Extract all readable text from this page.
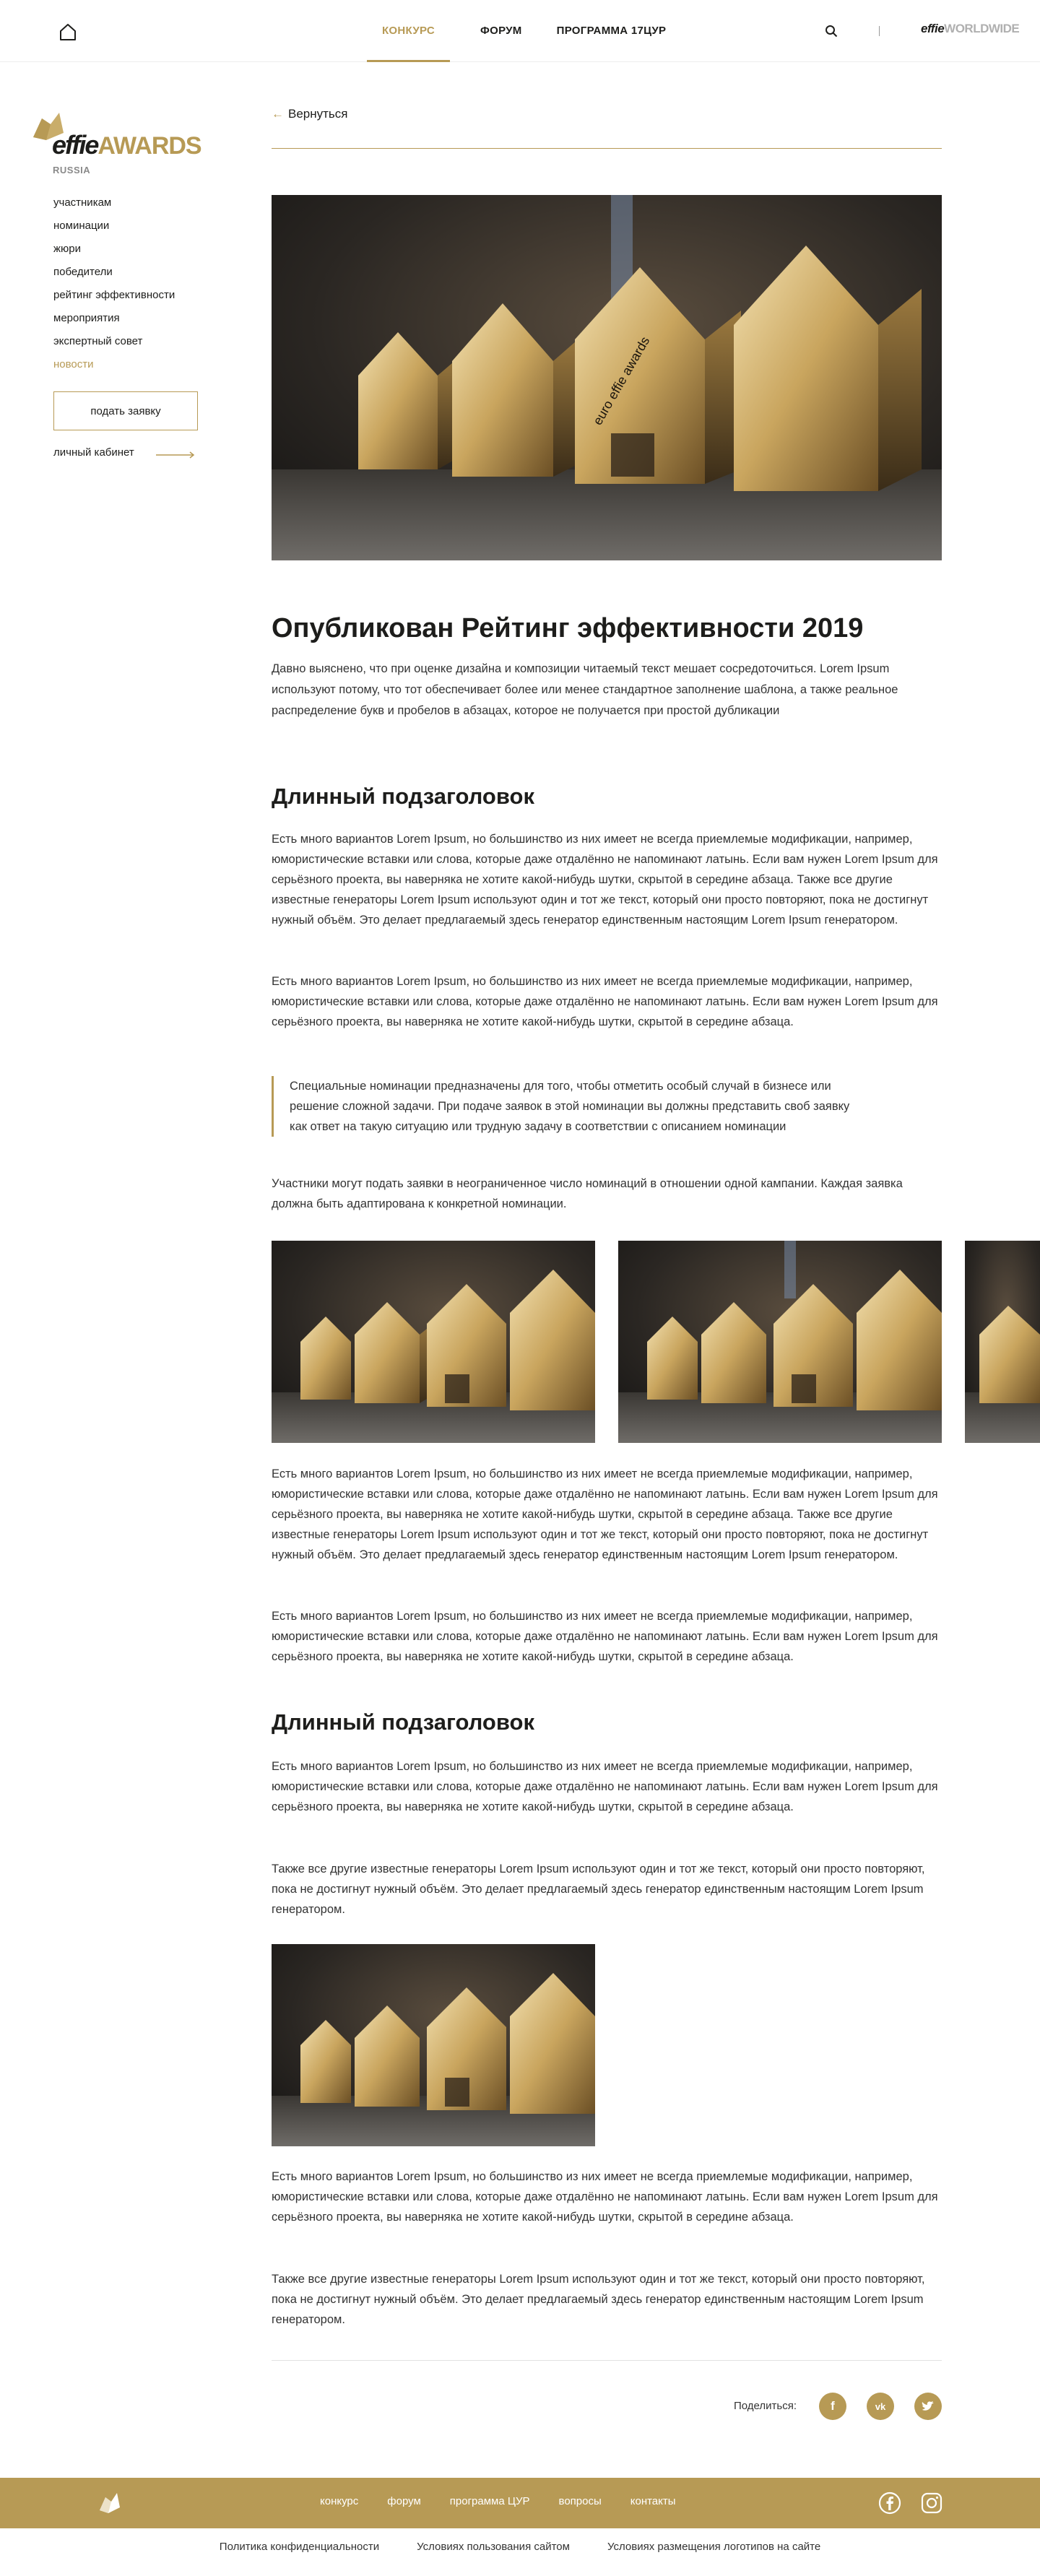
КОНКУРС	ФОРУМ	ПРОГРАММА 17ЦУР	effieWORLDWIDE
effieAWARDS
RUSSIA
участникам
номинации
жюри
победители
рейтинг эффективности
мероприятия
экспертный совет
новости
подать заявку
личный кабинет
← Вернуться
euro effie awards
Опубликован Рейтинг эффективности 2019

Давно выяснено, что при оценке дизайна и композиции читаемый текст мешает сосредоточиться. Lorem Ipsum используют потому, что тот обеспечивает более или менее стандартное заполнение шаблона, а также реальное распределение букв и пробелов в абзацах, которое не получается при простой дубликации

Длинный подзаголовок

Есть много вариантов Lorem Ipsum, но большинство из них имеет не всегда приемлемые модификации, например, юмористические вставки или слова, которые даже отдалённо не напоминают латынь. Если вам нужен Lorem Ipsum для серьёзного проекта, вы наверняка не хотите какой-нибудь шутки, скрытой в середине абзаца. Также все другие известные генераторы Lorem Ipsum используют один и тот же текст, который они просто повторяют, пока не достигнут нужный объём. Это делает предлагаемый здесь генератор единственным настоящим Lorem Ipsum генератором.

Есть много вариантов Lorem Ipsum, но большинство из них имеет не всегда приемлемые модификации, например, юмористические вставки или слова, которые даже отдалённо не напоминают латынь. Если вам нужен Lorem Ipsum для серьёзного проекта, вы наверняка не хотите какой-нибудь шутки, скрытой в середине абзаца.

Специальные номинации предназначены для того, чтобы отметить особый случай в бизнесе или решение сложной задачи. При подаче заявок в этой номинации вы должны представить своб заявку как ответ на такую ситуацию или трудную задачу в соответствии с описанием номинации

Участники могут подать заявки в неограниченное число номинаций в отношении одной кампании. Каждая заявка должна быть адаптирована к конкретной номинации.

Есть много вариантов Lorem Ipsum, но большинство из них имеет не всегда приемлемые модификации, например, юмористические вставки или слова, которые даже отдалённо не напоминают латынь. Если вам нужен Lorem Ipsum для серьёзного проекта, вы наверняка не хотите какой-нибудь шутки, скрытой в середине абзаца. Также все другие известные генераторы Lorem Ipsum используют один и тот же текст, который они просто повторяют, пока не достигнут нужный объём. Это делает предлагаемый здесь генератор единственным настоящим Lorem Ipsum генератором.

Есть много вариантов Lorem Ipsum, но большинство из них имеет не всегда приемлемые модификации, например, юмористические вставки или слова, которые даже отдалённо не напоминают латынь. Если вам нужен Lorem Ipsum для серьёзного проекта, вы наверняка не хотите какой-нибудь шутки, скрытой в середине абзаца.

Длинный подзаголовок

Есть много вариантов Lorem Ipsum, но большинство из них имеет не всегда приемлемые модификации, например, юмористические вставки или слова, которые даже отдалённо не напоминают латынь. Если вам нужен Lorem Ipsum для серьёзного проекта, вы наверняка не хотите какой-нибудь шутки, скрытой в середине абзаца.

Также все другие известные генераторы Lorem Ipsum используют один и тот же текст, который они просто повторяют, пока не достигнут нужный объём. Это делает предлагаемый здесь генератор единственным настоящим Lorem Ipsum генератором.

Есть много вариантов Lorem Ipsum, но большинство из них имеет не всегда приемлемые модификации, например, юмористические вставки или слова, которые даже отдалённо не напоминают латынь. Если вам нужен Lorem Ipsum для серьёзного проекта, вы наверняка не хотите какой-нибудь шутки, скрытой в середине абзаца.

Также все другие известные генераторы Lorem Ipsum используют один и тот же текст, который они просто повторяют, пока не достигнут нужный объём. Это делает предлагаемый здесь генератор единственным настоящим Lorem Ipsum генератором.

Поделиться:	f	vk
конкурс	форум	программа ЦУР	вопросы	контакты
Политика конфиденциальности	Условиях пользования сайтом	Условиях размещения логотипов на сайте
